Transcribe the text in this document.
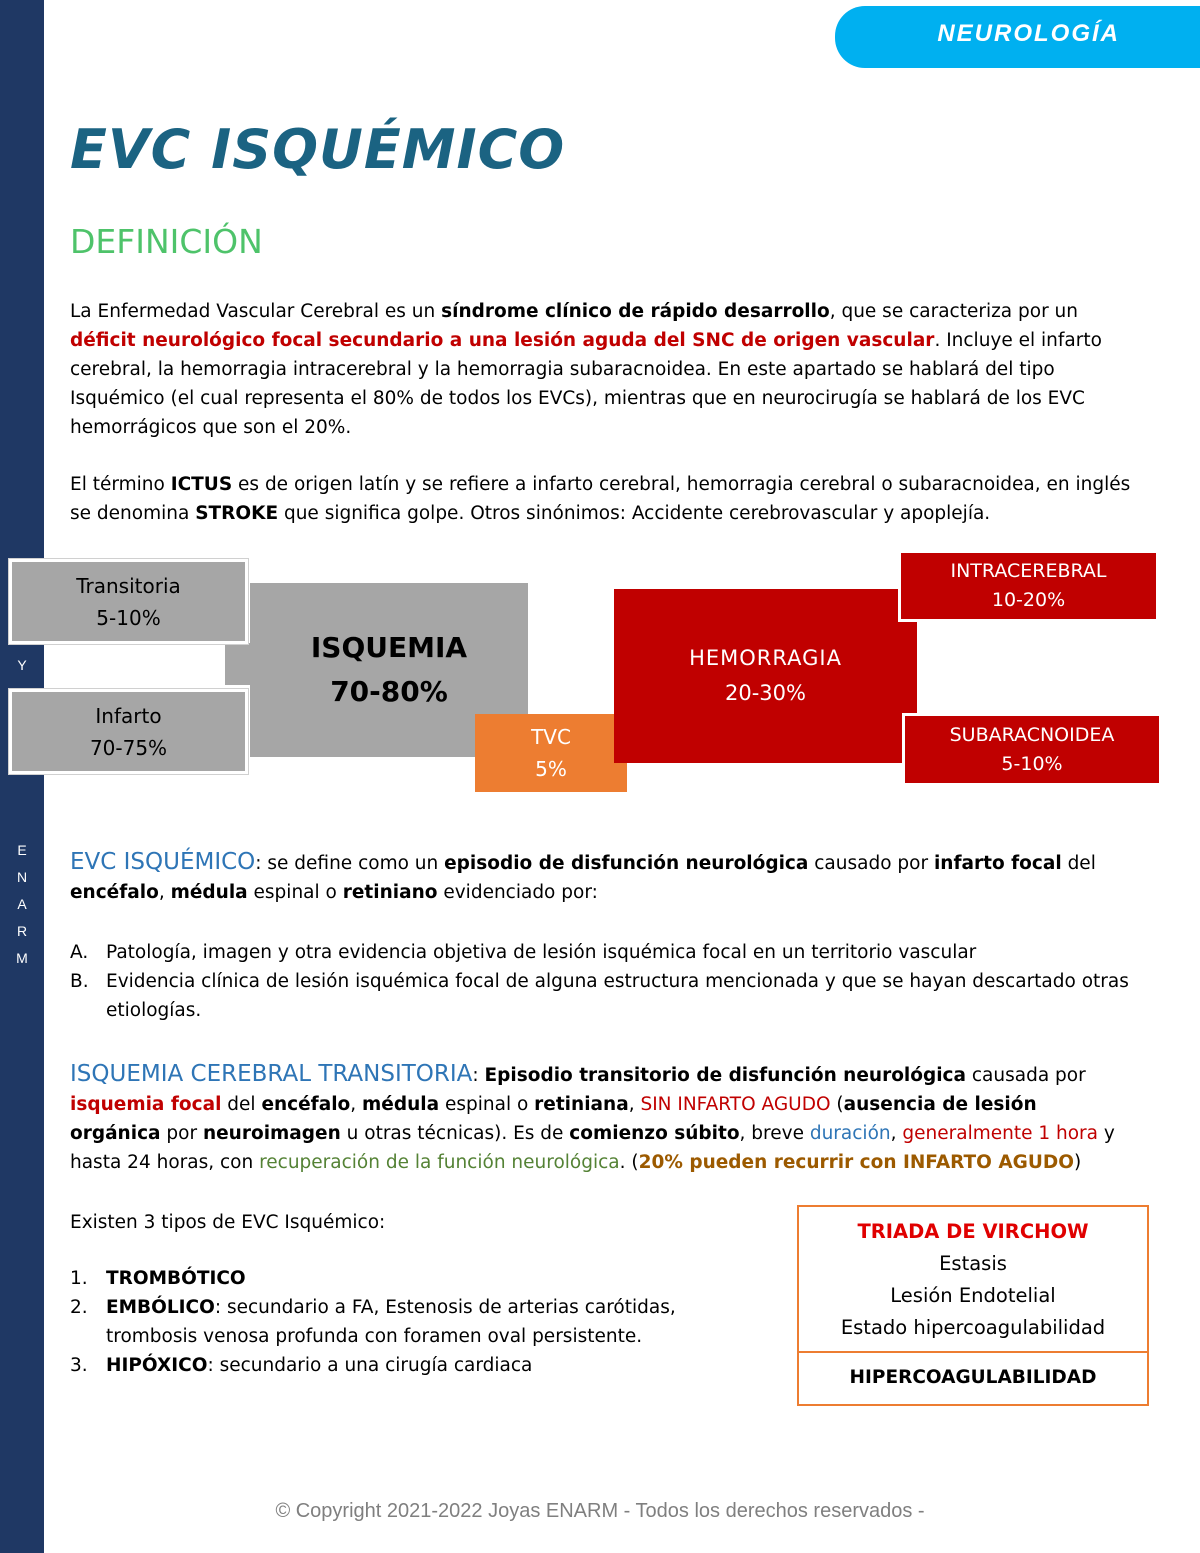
Y
E
N
A
R
M
NEUROLOGÍA
EVC ISQUÉMICO
DEFINICIÓN
La Enfermedad Vascular Cerebral es un síndrome clínico de rápido desarrollo, que se caracteriza por un déficit neurológico focal secundario a una lesión aguda del SNC de origen vascular. Incluye el infarto cerebral, la hemorragia intracerebral y la hemorragia subaracnoidea. En este apartado se hablará del tipo Isquémico (el cual representa el 80% de todos los EVCs), mientras que en neurocirugía se hablará de los EVC hemorrágicos que son el 20%.
El término ICTUS es de origen latín y se refiere a infarto cerebral, hemorragia cerebral o subaracnoidea, en inglés se denomina STROKE que significa golpe. Otros sinónimos: Accidente cerebrovascular y apoplejía.
ISQUEMIA
70-80%
Transitoria
5-10%
Infarto
70-75%	TVC
5%
HEMORRAGIA
20-30%
INTRACEREBRAL
10-20%
SUBARACNOIDEA
5-10%
EVC ISQUÉMICO: se define como un episodio de disfunción neurológica causado por infarto focal del encéfalo, médula espinal o retiniano evidenciado por:
A. Patología, imagen y otra evidencia objetiva de lesión isquémica focal en un territorio vascular
B. Evidencia clínica de lesión isquémica focal de alguna estructura mencionada y que se hayan descartado otras etiologías.
ISQUEMIA CEREBRAL TRANSITORIA: Episodio transitorio de disfunción neurológica causada por isquemia focal del encéfalo, médula espinal o retiniana, SIN INFARTO AGUDO (ausencia de lesión orgánica por neuroimagen u otras técnicas). Es de comienzo súbito, breve duración, generalmente 1 hora y hasta 24 horas, con recuperación de la función neurológica. (20% pueden recurrir con INFARTO AGUDO)
Existen 3 tipos de EVC Isquémico:
1. TROMBÓTICO
2. EMBÓLICO: secundario a FA, Estenosis de arterias carótidas, trombosis venosa profunda con foramen oval persistente.
3. HIPÓXICO: secundario a una cirugía cardiaca
TRIADA DE VIRCHOW
Estasis
Lesión Endotelial
Estado hipercoagulabilidad
HIPERCOAGULABILIDAD
© Copyright 2021-2022 Joyas ENARM - Todos los derechos reservados -
